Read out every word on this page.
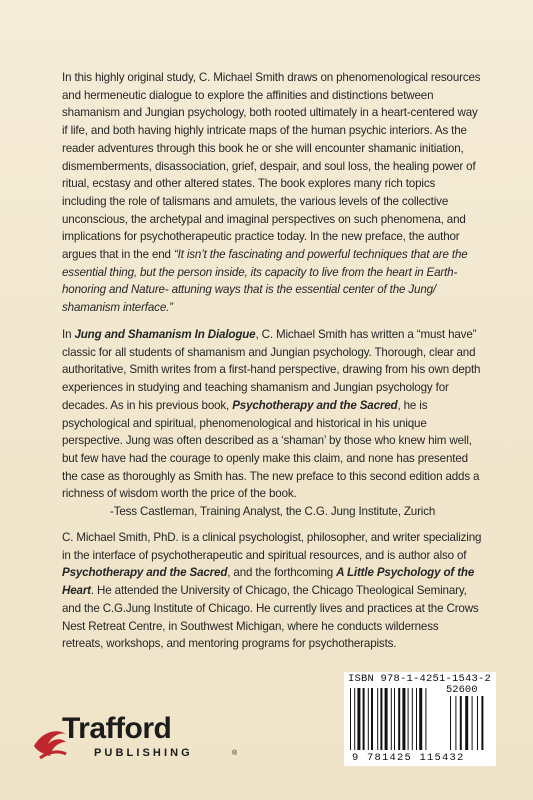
In this highly original study, C. Michael Smith draws on phenomenological resources and hermeneutic dialogue to explore the affinities and distinctions between shamanism and Jungian psychology, both rooted ultimately in a heart-centered way if life, and both having highly intricate maps of the human psychic interiors. As the reader adventures through this book he or she will encounter shamanic initiation, dismemberments, disassociation, grief, despair, and soul loss, the healing power of ritual, ecstasy and other altered states. The book explores many rich topics including the role of talismans and amulets, the various levels of the collective unconscious, the archetypal and imaginal perspectives on such phenomena, and implications for psychotherapeutic practice today. In the new preface, the author argues that in the end “It isn’t the fascinating and powerful techniques that are the essential thing, but the person inside, its capacity to live from the heart in Earth-honoring and Nature- attuning ways that is the essential center of the Jung/ shamanism interface.”

In Jung and Shamanism In Dialogue, C. Michael Smith has written a “must have” classic for all students of shamanism and Jungian psychology. Thorough, clear and authoritative, Smith writes from a first-hand perspective, drawing from his own depth experiences in studying and teaching shamanism and Jungian psychology for decades. As in his previous book, Psychotherapy and the Sacred, he is psychological and spiritual, phenomenological and historical in his unique perspective. Jung was often described as a ‘shaman’ by those who knew him well, but few have had the courage to openly make this claim, and none has presented the case as thoroughly as Smith has. The new preface to this second edition adds a richness of wisdom worth the price of the book.

-Tess Castleman, Training Analyst, the C.G. Jung Institute, Zurich

C. Michael Smith, PhD. is a clinical psychologist, philosopher, and writer specializing in the interface of psychotherapeutic and spiritual resources, and is author also of Psychotherapy and the Sacred, and the forthcoming A Little Psychology of the Heart. He attended the University of Chicago, the Chicago Theological Seminary, and the C.G.Jung Institute of Chicago. He currently lives and practices at the Crows Nest Retreat Centre, in Southwest Michigan, where he conducts wilderness retreats, workshops, and mentoring programs for psychotherapists.

ISBN 978-1-4251-1543-2
52600
9 781425 115432
Trafford
PUBLISHING	®
